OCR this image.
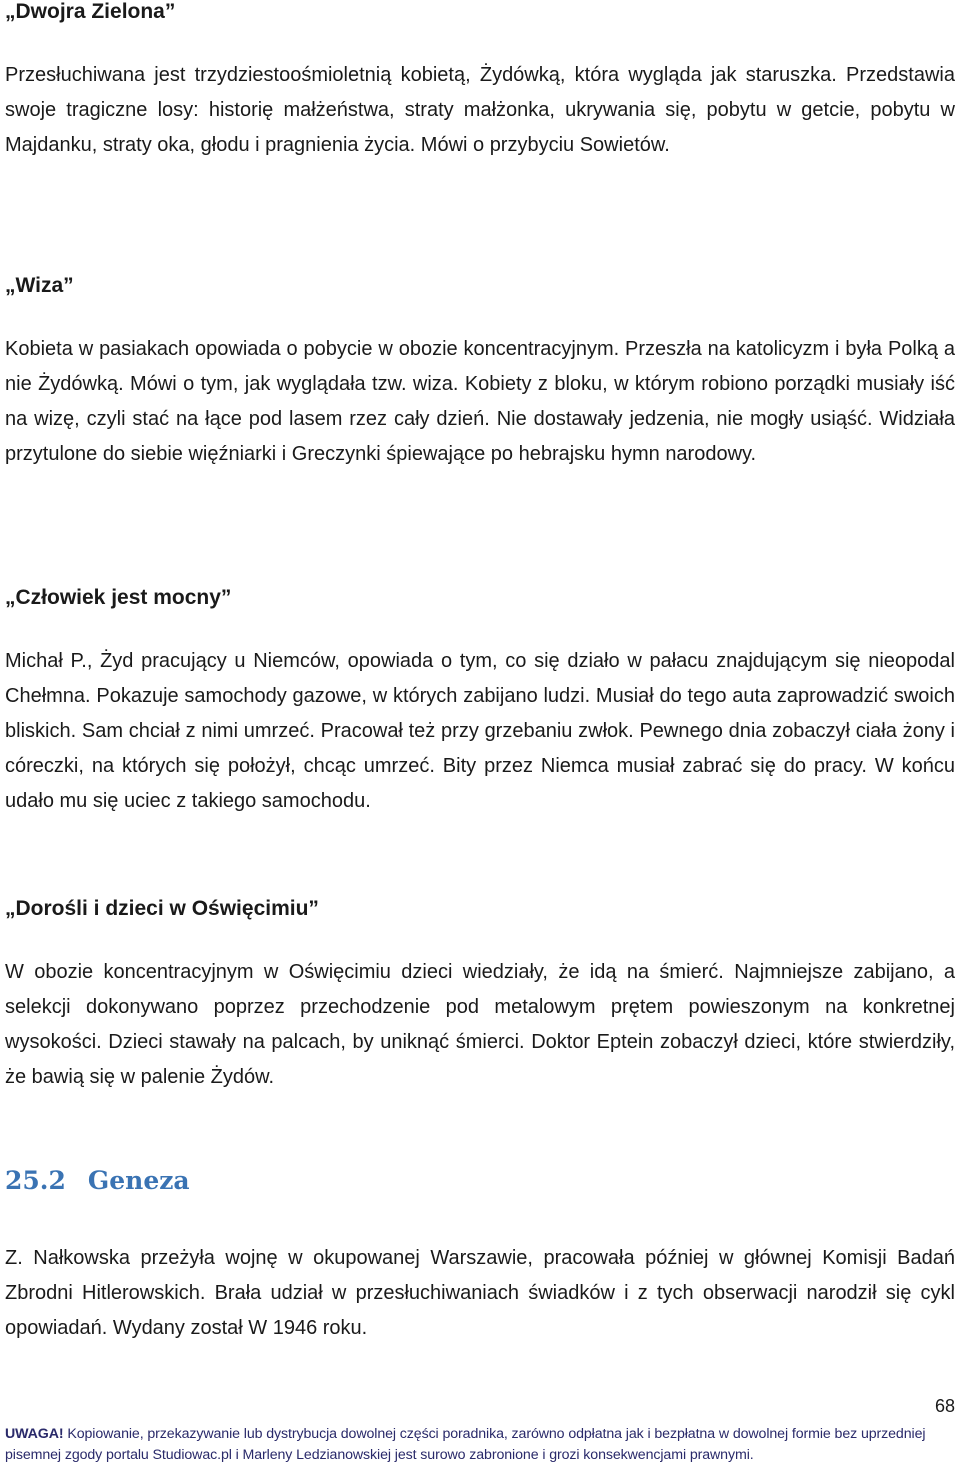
„Dwojra Zielona”

Przesłuchiwana jest trzydziestoośmioletnią kobietą, Żydówką, która wygląda jak staruszka. Przedstawia swoje tragiczne losy: historię małżeństwa, straty małżonka, ukrywania się, pobytu w getcie, pobytu w Majdanku, straty oka, głodu i pragnienia życia. Mówi o przybyciu Sowietów.

„Wiza”

Kobieta w pasiakach opowiada o pobycie w obozie koncentracyjnym. Przeszła na katolicyzm i była Polką a nie Żydówką. Mówi o tym, jak wyglądała tzw. wiza. Kobiety z bloku, w którym robiono porządki musiały iść na wizę, czyli stać na łące pod lasem rzez cały dzień. Nie dostawały jedzenia, nie mogły usiąść. Widziała przytulone do siebie więźniarki i Greczynki śpiewające po hebrajsku hymn narodowy.

„Człowiek jest mocny”

Michał P., Żyd pracujący u Niemców, opowiada o tym, co się działo w pałacu znajdującym się nieopodal Chełmna. Pokazuje samochody gazowe, w których zabijano ludzi. Musiał do tego auta zaprowadzić swoich bliskich. Sam chciał z nimi umrzeć. Pracował też przy grzebaniu zwłok. Pewnego dnia zobaczył ciała żony i córeczki, na których się położył, chcąc umrzeć. Bity przez Niemca musiał zabrać się do pracy. W końcu udało mu się uciec z takiego samochodu.

„Dorośli i dzieci w Oświęcimiu”

W obozie koncentracyjnym w Oświęcimiu dzieci wiedziały, że idą na śmierć. Najmniejsze zabijano, a selekcji dokonywano poprzez przechodzenie pod metalowym prętem powieszonym na konkretnej wysokości. Dzieci stawały na palcach, by uniknąć śmierci. Doktor Eptein zobaczył dzieci, które stwierdziły, że bawią się w palenie Żydów.

25.2 Geneza

Z. Nałkowska przeżyła wojnę w okupowanej Warszawie, pracowała później w głównej Komisji Badań Zbrodni Hitlerowskich. Brała udział w przesłuchiwaniach świadków i z tych obserwacji narodził się cykl opowiadań. Wydany został W 1946 roku.

68
UWAGA! Kopiowanie, przekazywanie lub dystrybucja dowolnej części poradnika, zarówno odpłatna jak i bezpłatna w dowolnej formie bez uprzedniej pisemnej zgody portalu Studiowac.pl i Marleny Ledzianowskiej jest surowo zabronione i grozi konsekwencjami prawnymi.
